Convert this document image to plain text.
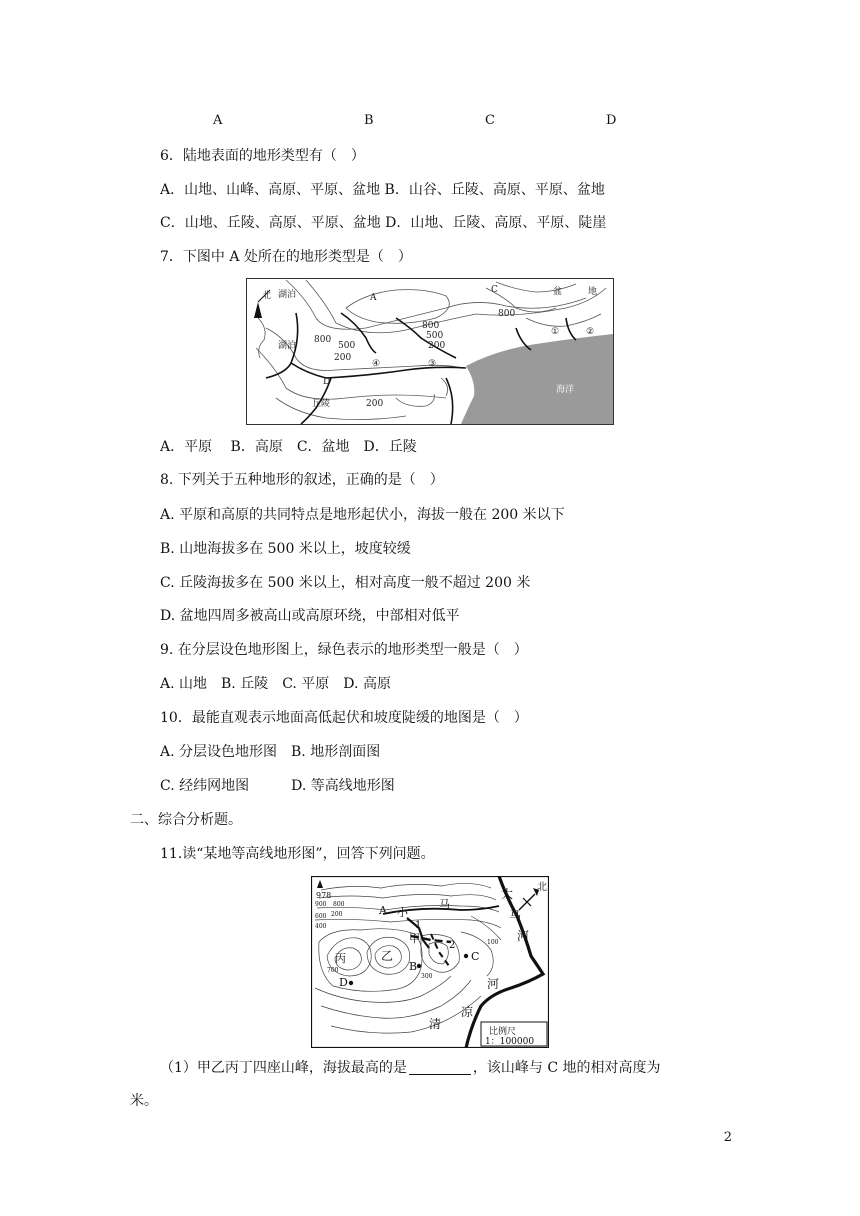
A	B	C	D
6．陆地表面的地形类型有（　）
A．山地、山峰、高原、平原、盆地 B．山谷、丘陵、高原、平原、盆地
C．山地、丘陵、高原、平原、盆地 D．山地、丘陵、高原、平原、陡崖
7．下图中 A 处所在的地形类型是（　）
北 湖泊
湖泊
A
C	盆	地
800
500
200
800
500
200
800
200
①	②
③
④
D
丘陵
海洋
A．平原　 B．高原　C．盆地　D．丘陵
8. 下列关于五种地形的叙述，正确的是（　）
A. 平原和高原的共同特点是地形起伏小，海拔一般在 200 米以下
B. 山地海拔多在 500 米以上，坡度较缓
C. 丘陵海拔多在 500 米以上，相对高度一般不超过 200 米
D. 盆地四周多被高山或高原环绕，中部相对低平
9. 在分层设色地形图上，绿色表示的地形类型一般是（　）
A. 山地　B. 丘陵　C. 平原　D. 高原
10．最能直观表示地面高低起伏和坡度陡缓的地图是（　）
A. 分层设色地形图　B. 地形剖面图
C. 经纬网地图　　　D. 等高线地形图
二、综合分析题。
11.读“某地等高线地形图”，回答下列问题。
978	大
马
河
北
小
马
清
凉
河
A
B
C
D
甲
乙
丙
1
2
比例尺
1：100000
900 800
600
400
200
100
300
700
（1）甲乙丙丁四座山峰，海拔最高的是	，该山峰与 C 地的相对高度为
米。
2
